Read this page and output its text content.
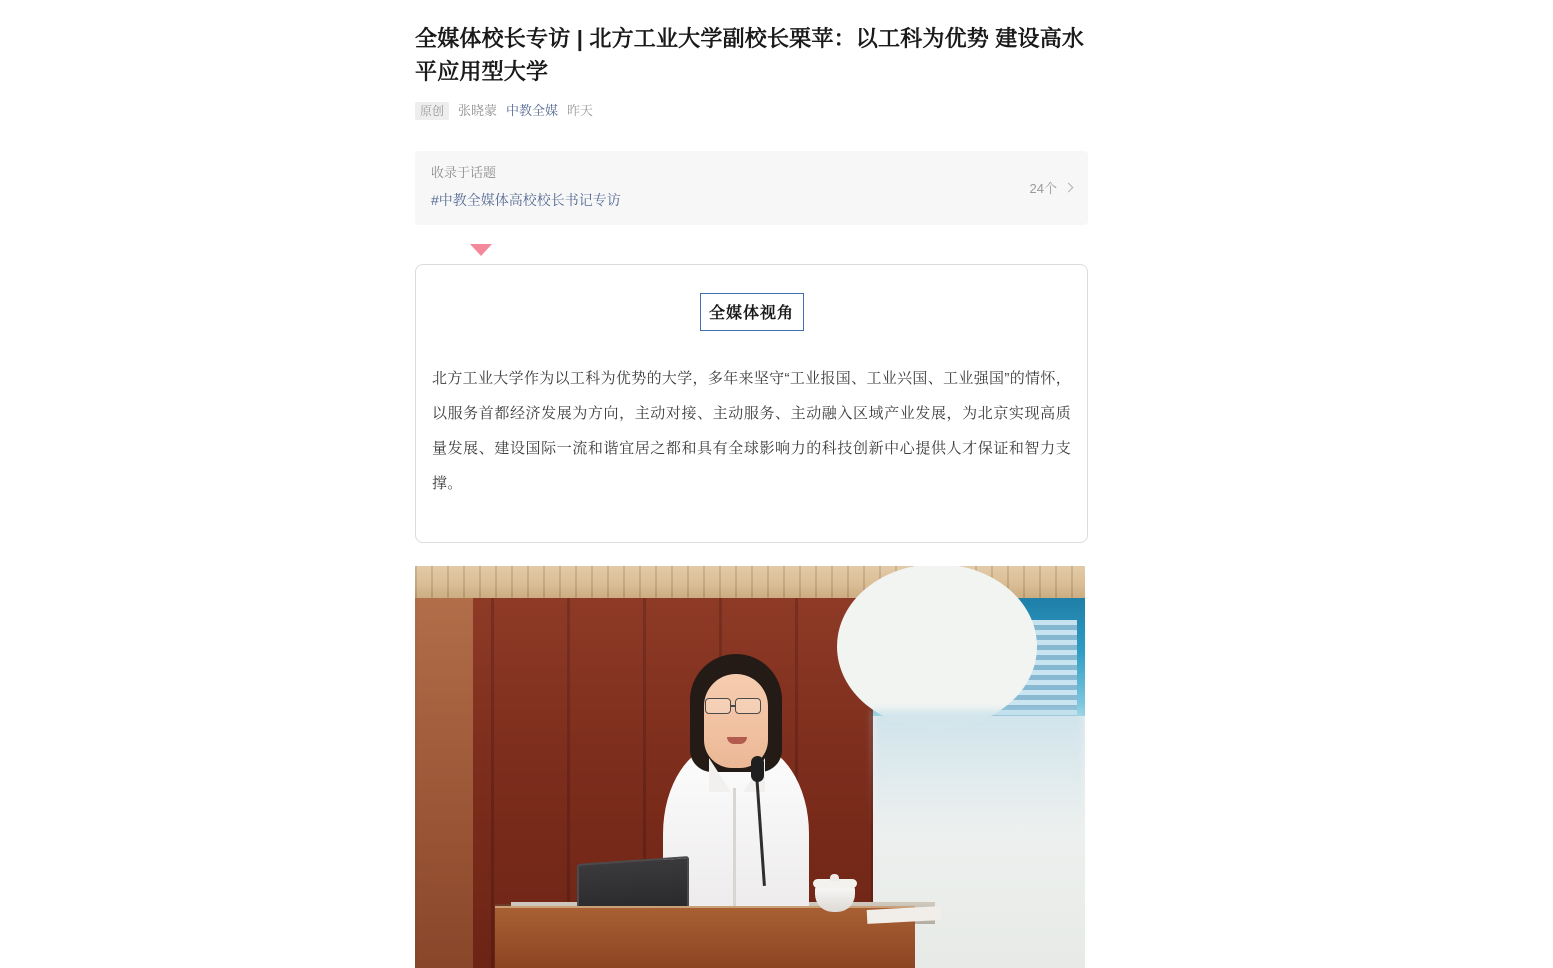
全媒体校长专访 | 北方工业大学副校长栗苹：以工科为优势 建设高水平应用型大学
原创	张晓蒙 中教全媒 昨天
收录于话题
#中教全媒体高校校长书记专访
24个
全媒体视角

北方工业大学作为以工科为优势的大学，多年来坚守“工业报国、工业兴国、工业强国”的情怀，以服务首都经济发展为方向，主动对接、主动服务、主动融入区域产业发展，为北京实现高质量发展、建设国际一流和谐宜居之都和具有全球影响力的科技创新中心提供人才保证和智力支撑。
